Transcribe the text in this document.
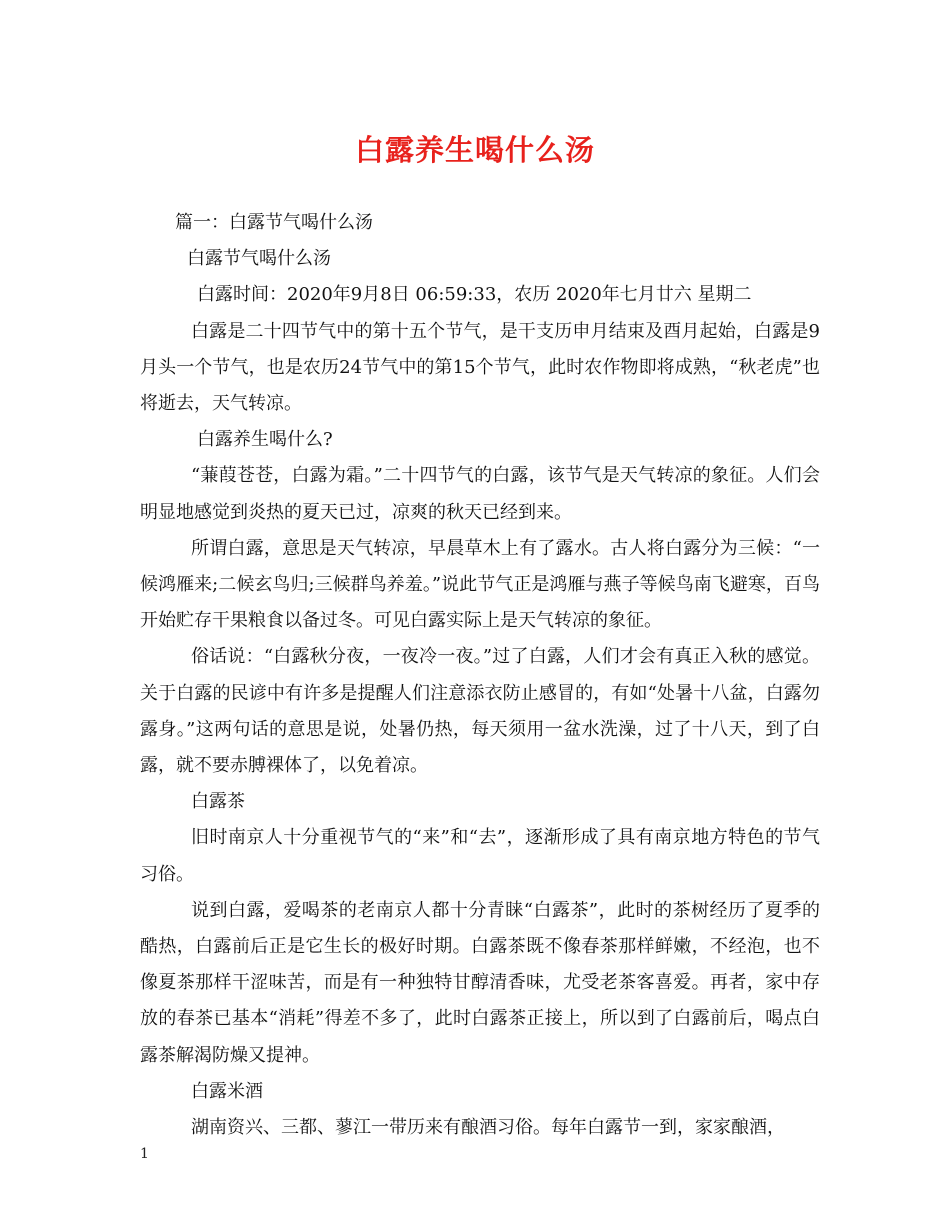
白露养生喝什么汤

篇一：白露节气喝什么汤

白露节气喝什么汤

白露时间：2020年9月8日 06:59:33，农历 2020年七月廿六 星期二

白露是二十四节气中的第十五个节气，是干支历申月结束及酉月起始，白露是9月头一个节气，也是农历24节气中的第15个节气，此时农作物即将成熟，“秋老虎”也将逝去，天气转凉。

白露养生喝什么?

“蒹葭苍苍，白露为霜。”二十四节气的白露，该节气是天气转凉的象征。人们会明显地感觉到炎热的夏天已过，凉爽的秋天已经到来。

所谓白露，意思是天气转凉，早晨草木上有了露水。古人将白露分为三候：“一候鸿雁来;二候玄鸟归;三候群鸟养羞。”说此节气正是鸿雁与燕子等候鸟南飞避寒，百鸟开始贮存干果粮食以备过冬。可见白露实际上是天气转凉的象征。

俗话说：“白露秋分夜，一夜冷一夜。”过了白露，人们才会有真正入秋的感觉。关于白露的民谚中有许多是提醒人们注意添衣防止感冒的，有如“处暑十八盆，白露勿露身。”这两句话的意思是说，处暑仍热，每天须用一盆水洗澡，过了十八天，到了白露，就不要赤膊裸体了，以免着凉。

白露茶

旧时南京人十分重视节气的“来”和“去”，逐渐形成了具有南京地方特色的节气习俗。

说到白露，爱喝茶的老南京人都十分青睐“白露茶”，此时的茶树经历了夏季的酷热，白露前后正是它生长的极好时期。白露茶既不像春茶那样鲜嫩，不经泡，也不像夏茶那样干涩味苦，而是有一种独特甘醇清香味，尤受老茶客喜爱。再者，家中存放的春茶已基本“消耗”得差不多了，此时白露茶正接上，所以到了白露前后，喝点白露茶解渴防燥又提神。

白露米酒

湖南资兴、三都、蓼江一带历来有酿酒习俗。每年白露节一到，家家酿酒，

1
